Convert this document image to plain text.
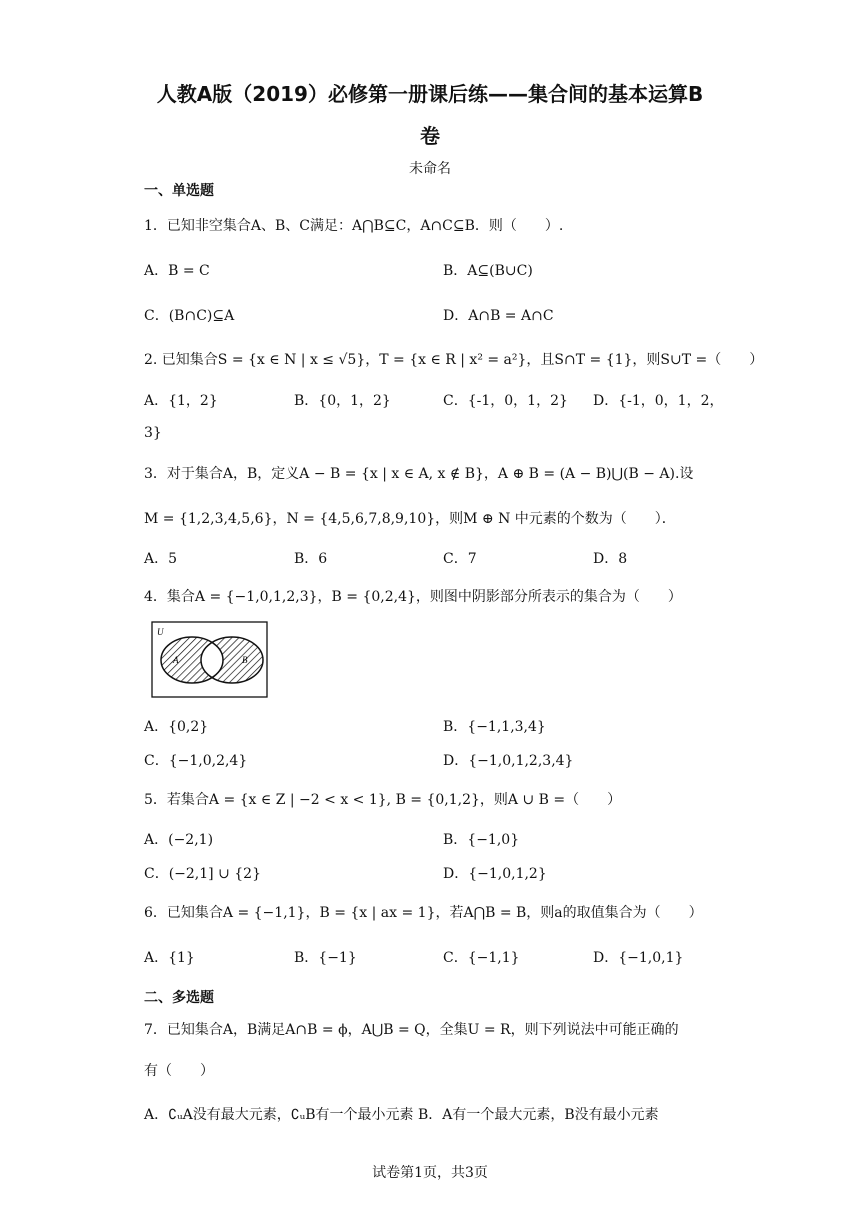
人教A版（2019）必修第一册课后练——集合间的基本运算B
卷
未命名
一、单选题
1．已知非空集合A、B、C满足：A⋂B⊆C，A∩C⊆B．则（　　）.
A．B = C	B．A⊆(B∪C)
C．(B∩C)⊆A	D．A∩B = A∩C
2. 已知集合S = {x ∈ N | x ≤ √5}，T = {x ∈ R | x² = a²}，且S∩T = {1}，则S∪T =（　　）
A．{1，2}	B．{0，1，2}	C．{-1，0，1，2} D．{-1，0，1，2，
3}
3．对于集合A，B，定义A − B = {x | x ∈ A, x ∉ B}，A ⊕ B = (A − B)⋃(B − A).设
M = {1,2,3,4,5,6}，N = {4,5,6,7,8,9,10}，则M ⊕ N 中元素的个数为（　　）．
A．5	B．6	C．7	D．8
4．集合A = {−1,0,1,2,3}，B = {0,2,4}，则图中阴影部分所表示的集合为（　　）
U
A	B
A．{0,2}	B．{−1,1,3,4}
C．{−1,0,2,4}	D．{−1,0,1,2,3,4}
5．若集合A = {x ∈ Z | −2 < x < 1}, B = {0,1,2}，则A ∪ B =（　　）
A．(−2,1)	B．{−1,0}
C．(−2,1] ∪ {2}	D．{−1,0,1,2}
6．已知集合A = {−1,1}，B = {x | ax = 1}，若A⋂B = B，则a的取值集合为（　　）
A．{1}	B．{−1}	C．{−1,1}	D．{−1,0,1}
二、多选题
7．已知集合A，B满足A∩B = ϕ，A⋃B = Q，全集U = R，则下列说法中可能正确的
有（　　）
A．∁ᵤA没有最大元素，∁ᵤB有一个最小元素 B．A有一个最大元素，B没有最小元素
试卷第1页，共3页
